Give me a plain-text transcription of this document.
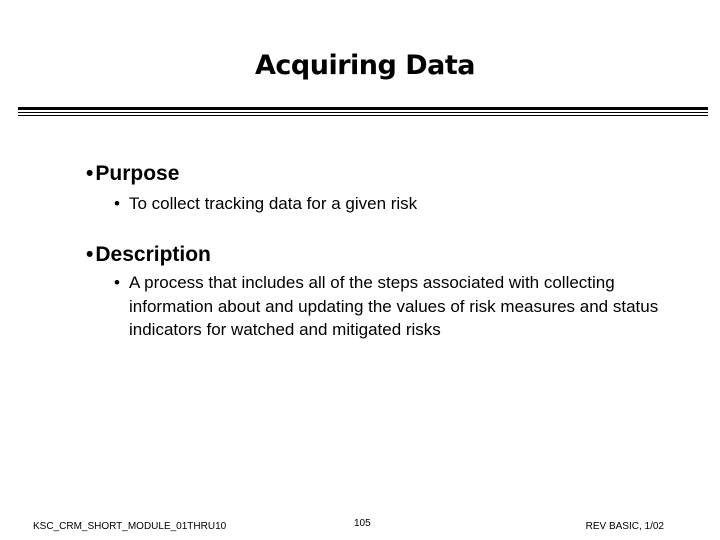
Acquiring Data
•Purpose
• To collect tracking data for a given risk
•Description
• A process that includes all of the steps associated with collecting information about and updating the values of risk measures and status indicators for watched and mitigated risks
KSC_CRM_SHORT_MODULE_01THRU10	105	REV BASIC, 1/02
